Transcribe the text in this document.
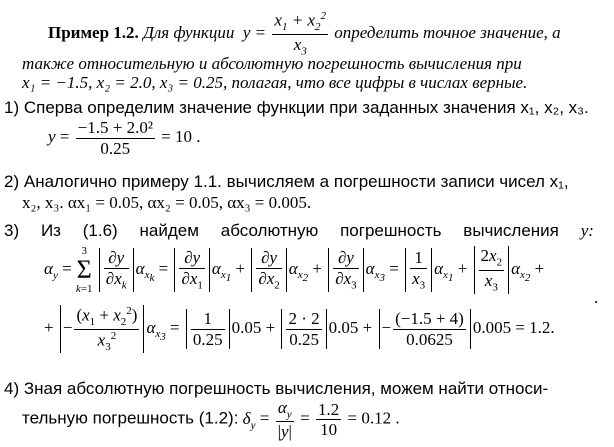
Пример 1.2. Для функции  $y = \frac{x_1 + x_2^2}{x_3}$ определить точное значение, а
также относительную и абсолютную погрешность вычисления при
x₁ = −1.5, x₂ = 2.0, x₃ = 0.25, полагая, что все цифры в числах верные.
1) Сперва определим значение функции при заданных значения x₁, x₂, x₃.
$y = \frac{\text{−1.5 + 2.0²}}{0.25} = 10$ .
2) Аналогично примеру 1.1. вычисляем а погрешности записи чисел x₁,
x₂, x₃. αx₁ = 0.05, αx₂ = 0.05, αx₃ = 0.005.
3) Из (1.6) найдем абсолютную погрешность вычисления y:
$\alpha_y = 3$
Σ
$k=1 \frac{\partial y}{\partial x_k} \alpha_{x_k} = \frac{\partial y}{\partial x_1} \alpha_{x_1} + \frac{\partial y}{\partial x_2} \alpha_{x_2} + \frac{\partial y}{\partial x_3} \alpha_{x_3} = \frac{1}{x_3} \alpha_{x_1} + \frac{2x_2}{x_3} \alpha_{x_2}$ +
.
+ − $\frac{(x_1 + x_2^2)}{x_3^2} \alpha_{x_3} = \frac{1}{0.25} 0.05 + \frac{2 \cdot 2}{0.25} 0.05$ + − $\frac{(-1.5 + 4)}{0.0625} 0.005 = 1.2$.
4) Зная абсолютную погрешность вычисления, можем найти относи-
тельную погрешность (1.2): $\delta_y = \frac{\alpha_y}{|y|} = \frac{1.2}{10} = 0.12$ .
